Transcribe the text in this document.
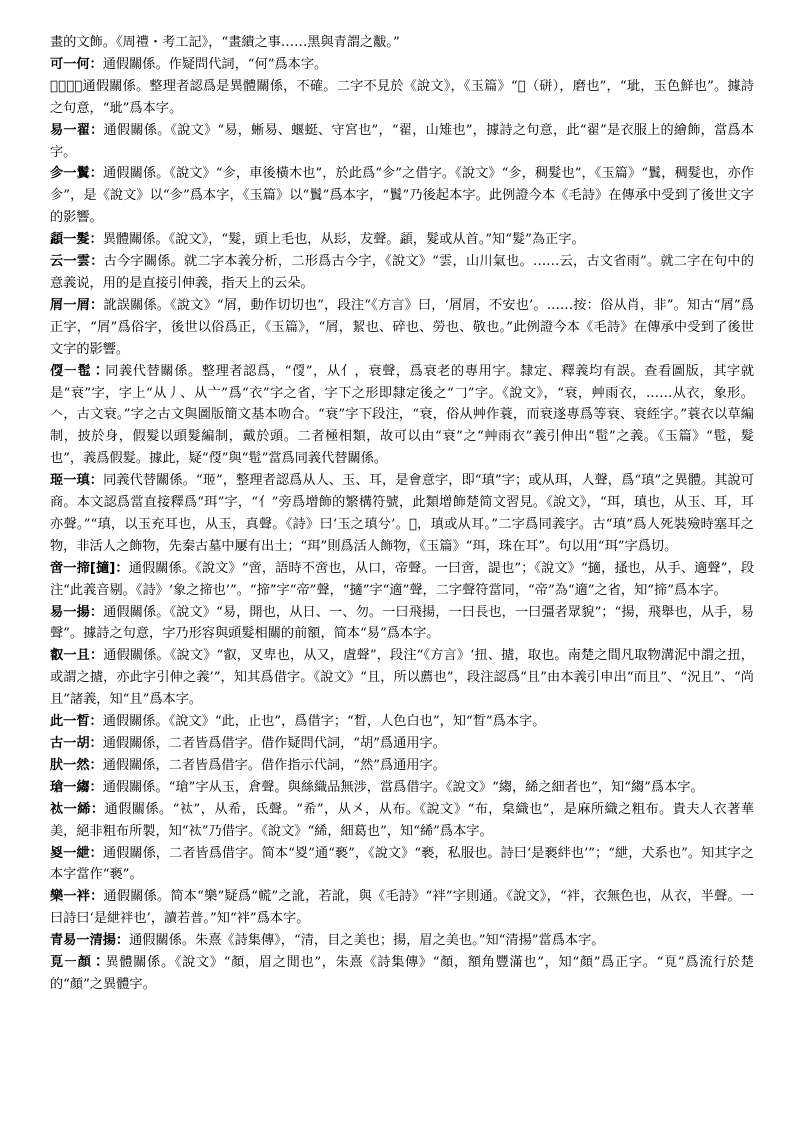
畫的文飾。《周禮・考工記》，“畫繢之事……黑與青謂之黻。”

可一何：通假關係。作疑問代詞，“何”爲本字。

𥐨一玼：通假關係。整理者認爲是異體關係，不確。二字不見於《說文》，《玉篇》“𥐨（硑），磨也”，“玼，玉色鮮也”。據詩之句意，“玼”爲本字。

易一翟：通假關係。《說文》“易，蜥易、蝘蜓、守宮也”，“翟，山雉也”，據詩之句意，此“翟”是衣服上的繪飾，當爲本字。

㐱一鬒：通假關係。《說文》“㐱，車後橫木也”，於此爲“㐱”之借字。《說文》“㐱，稠髮也”，《玉篇》“鬒，稠髮也，亦作㐱”，是《說文》以“㐱”爲本字，《玉篇》以“鬒”爲本字，“鬒”乃後起本字。此例證今本《毛詩》在傳承中受到了後世文字的影響。

頿一髮：異體關係。《說文》，“髮，頭上毛也，从髟，犮聲。頿，髮或从首。”知“髮”為正字。

云一雲：古今字關係。就二字本義分析，二形爲古今字，《說文》“雲，山川氣也。……云，古文省雨”。就二字在句中的意義说，用的是直接引伸義，指天上的云朵。

屑一屑：訛誤關係。《說文》“屑，動作切切也”，段注“《方言》曰，‘屑屑，不安也’。……按：俗从肖，非”。知古“屑”爲正字，“屑”爲俗字，後世以俗爲正，《玉篇》，“屑，絜也、碎也、勞也、敬也。”此例證今本《毛詩》在傳承中受到了後世文字的影響。

𠊳一髢：同義代替關係。整理者認爲，“𠊳”，从亻，衰聲，爲衰老的專用字。隸定、釋義均有誤。查看圖版，其字就是“衰”字，字上“从丿、从亠”爲“衣”字之省，字下之形即隸定後之“𠃌”字。《說文》，“衰，艸雨衣，……从衣，象形。𠆢，古文衰。”字之古文與圖版簡文基本吻合。“衰”字下段注，“衰，俗从艸作蓑，而衰遂專爲等衰、衰絰字。”蓑衣以草編制，披於身，假髮以頭髮編制，戴於頭。二者極相類，故可以由“衰”之“艸雨衣”義引伸出“髢”之義。《玉篇》“髢，髮也”，義爲假髮。據此，疑“𠊳”與“髢”當爲同義代替關係。

㺿一瑱：同義代替關係。“㺿”，整理者認爲从人、玉、耳，是會意字，即“瑱”字；或从珥，人聲，爲“瑱”之異體。其說可商。本文認爲當直接釋爲“珥”字，“亻”旁爲增飾的繁構符號，此類增飾楚简文習見。《說文》，“珥，瑱也，从玉、耳，耳亦聲。”“瑱，以玉充耳也，从玉，真聲。《詩》曰‘玉之瑱兮’。𤨼，瑱或从耳。”二字爲同義字。古“瑱”爲人死裝殮時塞耳之物，非活人之飾物，先秦古墓中屢有出土；“珥”則爲活人飾物，《玉篇》“珥，珠在耳”。句以用“珥”字爲切。

啻一揥[擿]：通假關係。《說文》“啻，語時不啻也，从口，帝聲。一曰啻，諟也”；《說文》“擿，搔也，从手、適聲”，段注“此義音剔。《詩》‘象之揥也’”。“揥”字“帝”聲，“擿”字“適”聲，二字聲符當同，“帝”為“適”之省，知“揥”爲本字。

易一揚：通假關係。《說文》“易，開也，从日、一、勿。一曰飛揚，一曰長也，一曰彊者眾貌”；“揚，飛舉也，从手，易聲”。據詩之句意，字乃形容與頭髮相關的前額，简本“易”爲本字。

叡一且：通假關係。《說文》“叡，叉卑也，从又，虘聲”，段注“《方言》‘扭、摣，取也。南楚之間凡取物溝泥中謂之扭，或謂之摣，亦此字引伸之義’”，知其爲借字。《說文》“且，所以薦也”，段注認爲“且”由本義引申出“而且”、“況且”、“尚且”諸義，知“且”爲本字。

此一晳：通假關係。《說文》“此，止也”，爲借字；“晳，人色白也”，知“晳”爲本字。

古一胡：通假關係，二者皆爲借字。借作疑問代詞，“胡”爲通用字。

肰一然：通假關係，二者皆爲借字。借作指示代詞，“然”爲通用字。

瑲一縐：通假關係。“瑲”字从玉，倉聲。與絲織品無涉，當爲借字。《說文》“縐，絺之細者也”，知“縐”爲本字。

𧘹一絺：通假關係。“𧘹”，从希，氐聲。“希”，从㐅，从布。《說文》“布，枲織也”，是麻所織之粗布。貴夫人衣著華美，絕非粗布所製，知“𧘹”乃借字。《說文》“絺，細葛也”，知“絺”爲本字。

㚇一紲：通假關係，二者皆爲借字。简本“㚇”通“褻”，《說文》“褻，私服也。詩曰‘是褻絆也’”；“紲，犬系也”。知其字之本字當作“褻”。

樂一袢：通假關係。简本“樂”疑爲“㡛”之訛，若訛，與《毛詩》“袢”字則通。《說文》，“袢，衣無色也，从衣，半聲。一曰詩曰‘是紲袢也’，讀若普。”知“袢”爲本字。

青易一清揚：通假關係。朱熹《詩集傳》，“清，目之美也；揚，眉之美也。”知“清揚”當爲本字。

𩑋一顏：異體關係。《說文》“顏，眉之閒也”，朱熹《詩集傳》“顏，額角豐滿也”，知“顏”爲正字。“𩑋”爲流行於楚的“顏”之異體字。
